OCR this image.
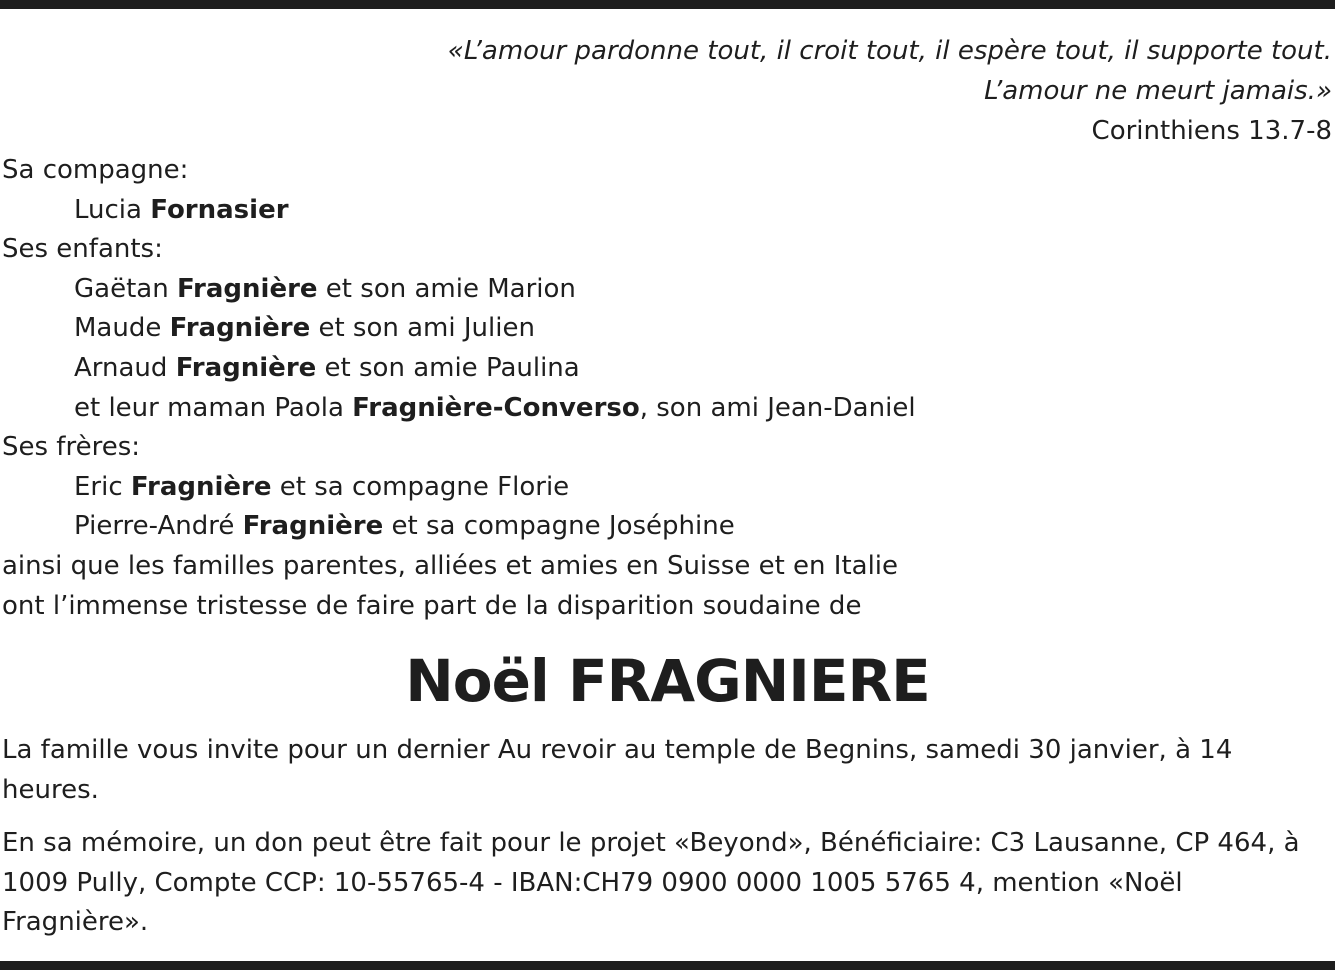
«L’amour pardonne tout, il croit tout, il espère tout, il supporte tout.
L’amour ne meurt jamais.»
Corinthiens 13.7-8
Sa compagne:
Lucia Fornasier
Ses enfants:
Gaëtan Fragnière et son amie Marion
Maude Fragnière et son ami Julien
Arnaud Fragnière et son amie Paulina
et leur maman Paola Fragnière-Converso, son ami Jean-Daniel
Ses frères:
Eric Fragnière et sa compagne Florie
Pierre-André Fragnière et sa compagne Joséphine
ainsi que les familles parentes, alliées et amies en Suisse et en Italie
ont l’immense tristesse de faire part de la disparition soudaine de
Noël FRAGNIERE
La famille vous invite pour un dernier Au revoir au temple de Begnins, samedi 30 janvier, à 14 heures.
En sa mémoire, un don peut être fait pour le projet «Beyond», Bénéficiaire: C3 Lausanne, CP 464, à 1009 Pully, Compte CCP: 10-55765-4 - IBAN:CH79 0900 0000 1005 5765 4, mention «Noël Fragnière».
